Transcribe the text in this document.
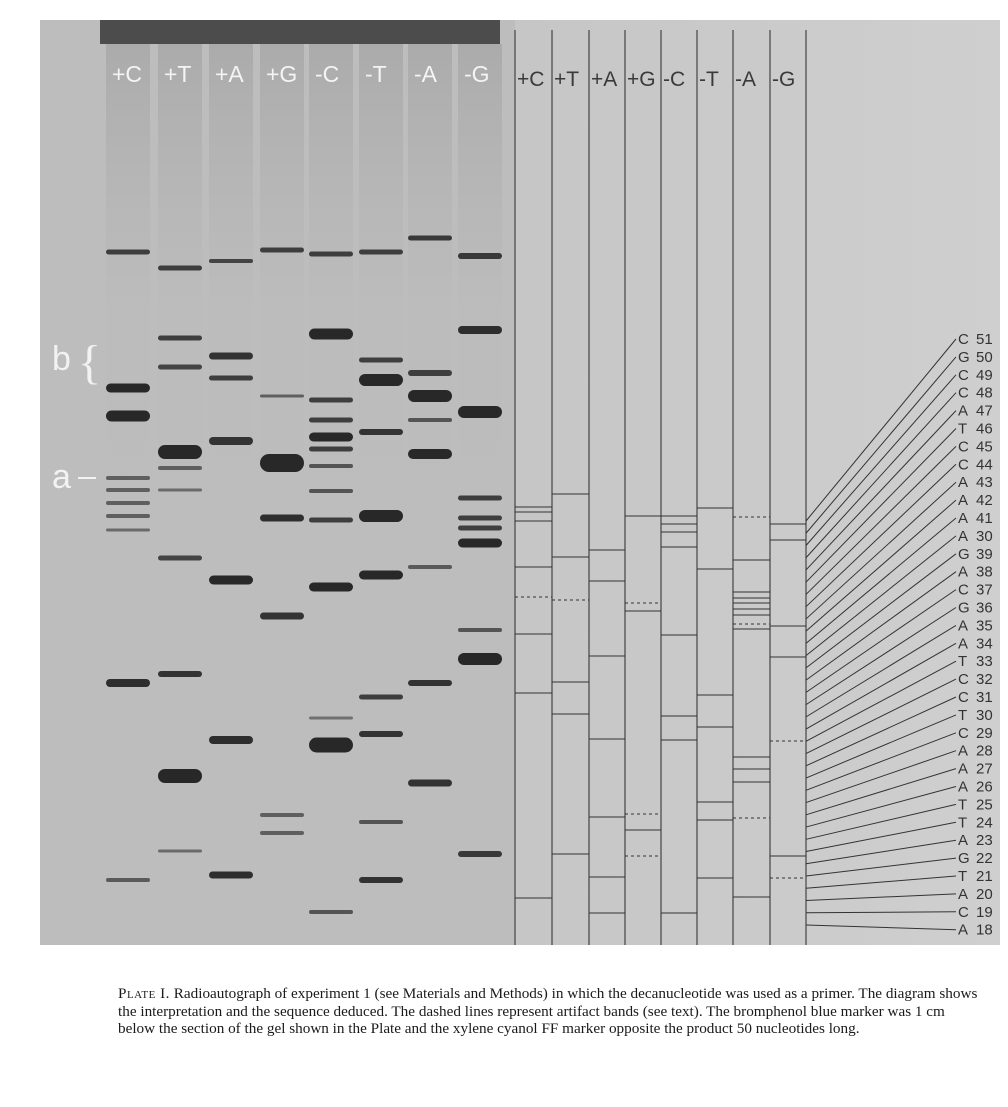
+C +T +A +G -C -T -A -G
b {
a
+C +T +A +G -C -T -A -G
C 51
G 50
C 49
C 48
A 47
T 46
C 45
C 44
A 43
A 42
A 41
A 30
G 39
A 38
C 37
G 36
A 35
A 34
T 33
C 32
C 31
T 30
C 29
A 28
A 27
A 26
T 25
T 24
A 23
G 22
T 21
A 20
C 19
A 18
Plate I. Radioautograph of experiment 1 (see Materials and Methods) in which the decanucleotide was used as a primer. The diagram shows the interpretation and the sequence deduced. The dashed lines represent artifact bands (see text). The bromphenol blue marker was 1 cm below the section of the gel shown in the Plate and the xylene cyanol FF marker opposite the product 50 nucleotides long.
